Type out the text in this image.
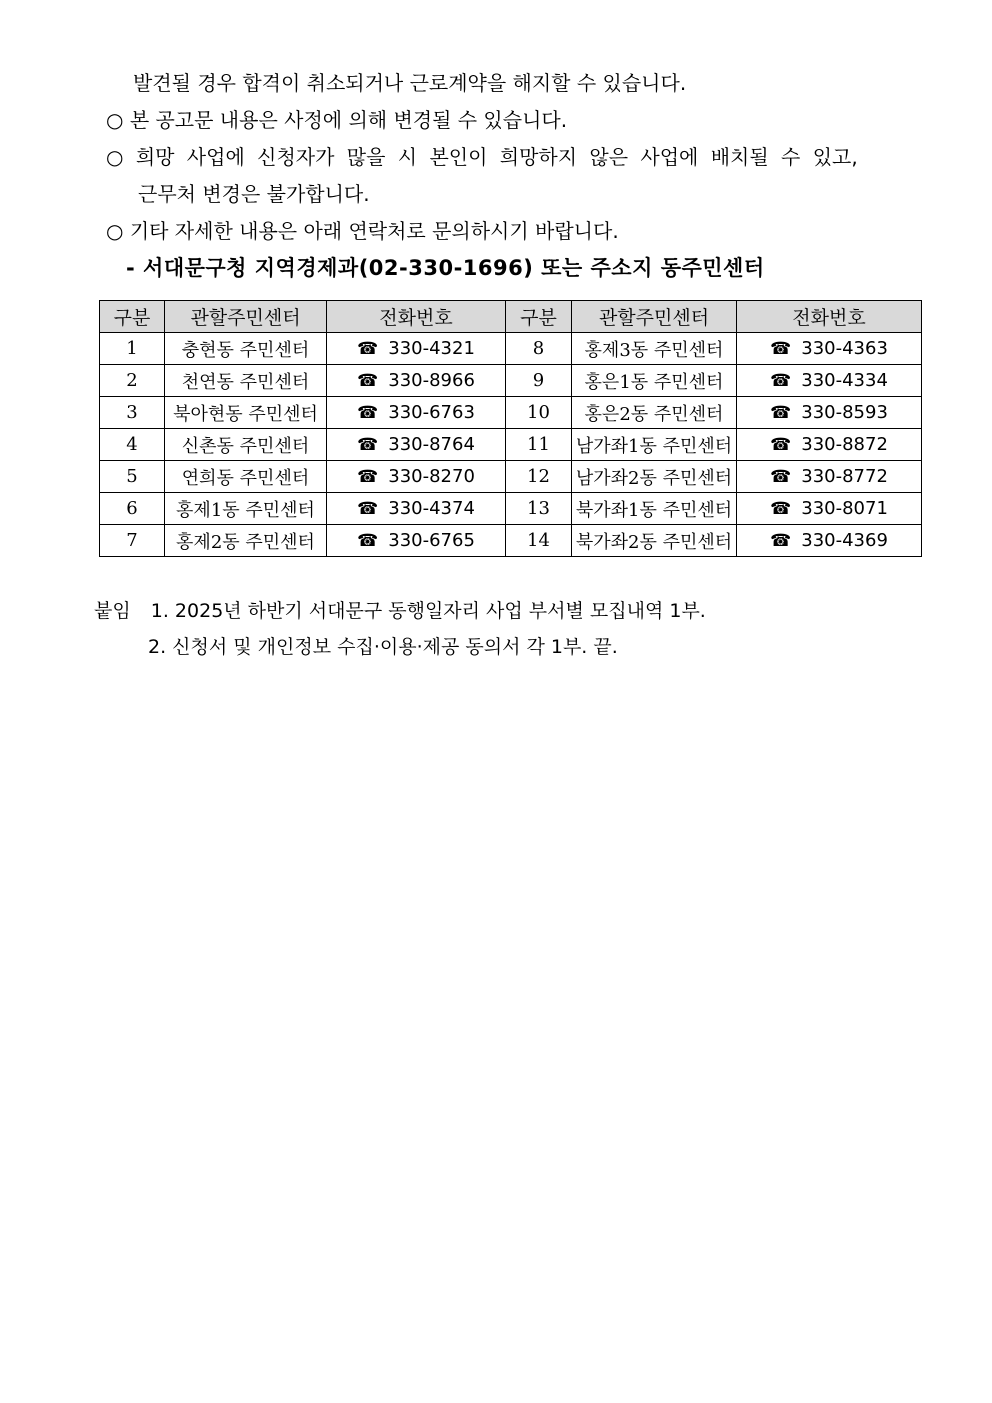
발견될 경우 합격이 취소되거나 근로계약을 해지할 수 있습니다.
○ 본 공고문 내용은 사정에 의해 변경될 수 있습니다.
○ 희망 사업에 신청자가 많을 시 본인이 희망하지 않은 사업에 배치될 수 있고,
근무처 변경은 불가합니다.
○ 기타 자세한 내용은 아래 연락처로 문의하시기 바랍니다.
- 서대문구청 지역경제과(02-330-1696) 또는 주소지 동주민센터
구분	관할주민센터	전화번호	구분	관할주민센터	전화번호
1	충현동 주민센터	☎ 330-4321	8	홍제3동 주민센터	☎ 330-4363
2	천연동 주민센터	☎ 330-8966	9	홍은1동 주민센터	☎ 330-4334
3	북아현동 주민센터	☎ 330-6763	10	홍은2동 주민센터	☎ 330-8593
4	신촌동 주민센터	☎ 330-8764	11	남가좌1동 주민센터	☎ 330-8872
5	연희동 주민센터	☎ 330-8270	12	남가좌2동 주민센터	☎ 330-8772
6	홍제1동 주민센터	☎ 330-4374	13	북가좌1동 주민센터	☎ 330-8071
7	홍제2동 주민센터	☎ 330-6765	14	북가좌2동 주민센터	☎ 330-4369
붙임 1. 2025년 하반기 서대문구 동행일자리 사업 부서별 모집내역 1부.
2. 신청서 및 개인정보 수집·이용·제공 동의서 각 1부. 끝.
